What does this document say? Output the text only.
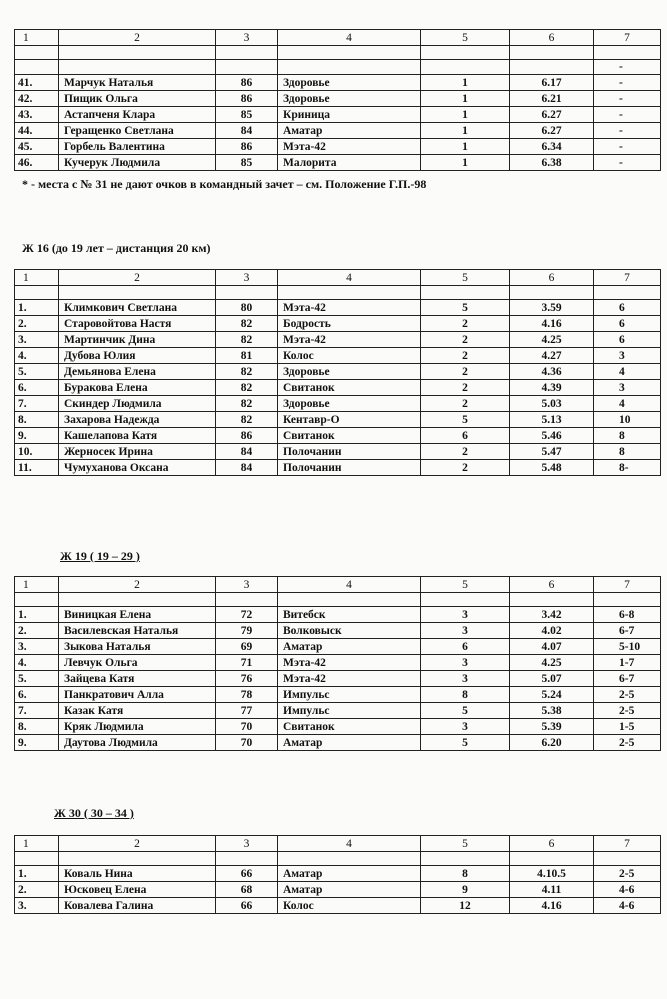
1	2	3	4	5	6	7

						-
41.	Марчук Наталья	86	Здоровье	1	6.17	-
42.	Пищик Ольга	86	Здоровье	1	6.21	-
43.	Астапченя Клара	85	Криница	1	6.27	-
44.	Геращенко Светлана	84	Аматар	1	6.27	-
45.	Горбель Валентина	86	Мэта-42	1	6.34	-
46.	Кучерук Людмила	85	Малорита	1	6.38	-
* - места с № 31 не дают очков в командный зачет – см. Положение Г.П.-98
Ж 16 (до 19 лет – дистанция 20 км)
1	2	3	4	5	6	7

1.	Климкович Светлана	80	Мэта-42	5	3.59	6
2.	Старовойтова Настя	82	Бодрость	2	4.16	6
3.	Мартинчик Дина	82	Мэта-42	2	4.25	6
4.	Дубова Юлия	81	Колос	2	4.27	3
5.	Демьянова Елена	82	Здоровье	2	4.36	4
6.	Буракова Елена	82	Свитанок	2	4.39	3
7.	Скиндер Людмила	82	Здоровье	2	5.03	4
8.	Захарова Надежда	82	Кентавр-О	5	5.13	10
9.	Кашелапова Катя	86	Свитанок	6	5.46	8
10.	Жерносек Ирина	84	Полочанин	2	5.47	8
11.	Чумуханова Оксана	84	Полочанин	2	5.48	8-
Ж 19 ( 19 – 29 )
1	2	3	4	5	6	7

1.	Виницкая Елена	72	Витебск	3	3.42	6-8
2.	Василевская Наталья	79	Волковыск	3	4.02	6-7
3.	Зыкова Наталья	69	Аматар	6	4.07	5-10
4.	Левчук Ольга	71	Мэта-42	3	4.25	1-7
5.	Зайцева Катя	76	Мэта-42	3	5.07	6-7
6.	Панкратович Алла	78	Импульс	8	5.24	2-5
7.	Казак Катя	77	Импульс	5	5.38	2-5
8.	Кряк Людмила	70	Свитанок	3	5.39	1-5
9.	Даутова Людмила	70	Аматар	5	6.20	2-5
Ж 30 ( 30 – 34 )
1	2	3	4	5	6	7

1.	Коваль Нина	66	Аматар	8	4.10.5	2-5
2.	Юсковец Елена	68	Аматар	9	4.11	4-6
3.	Ковалева Галина	66	Колос	12	4.16	4-6
